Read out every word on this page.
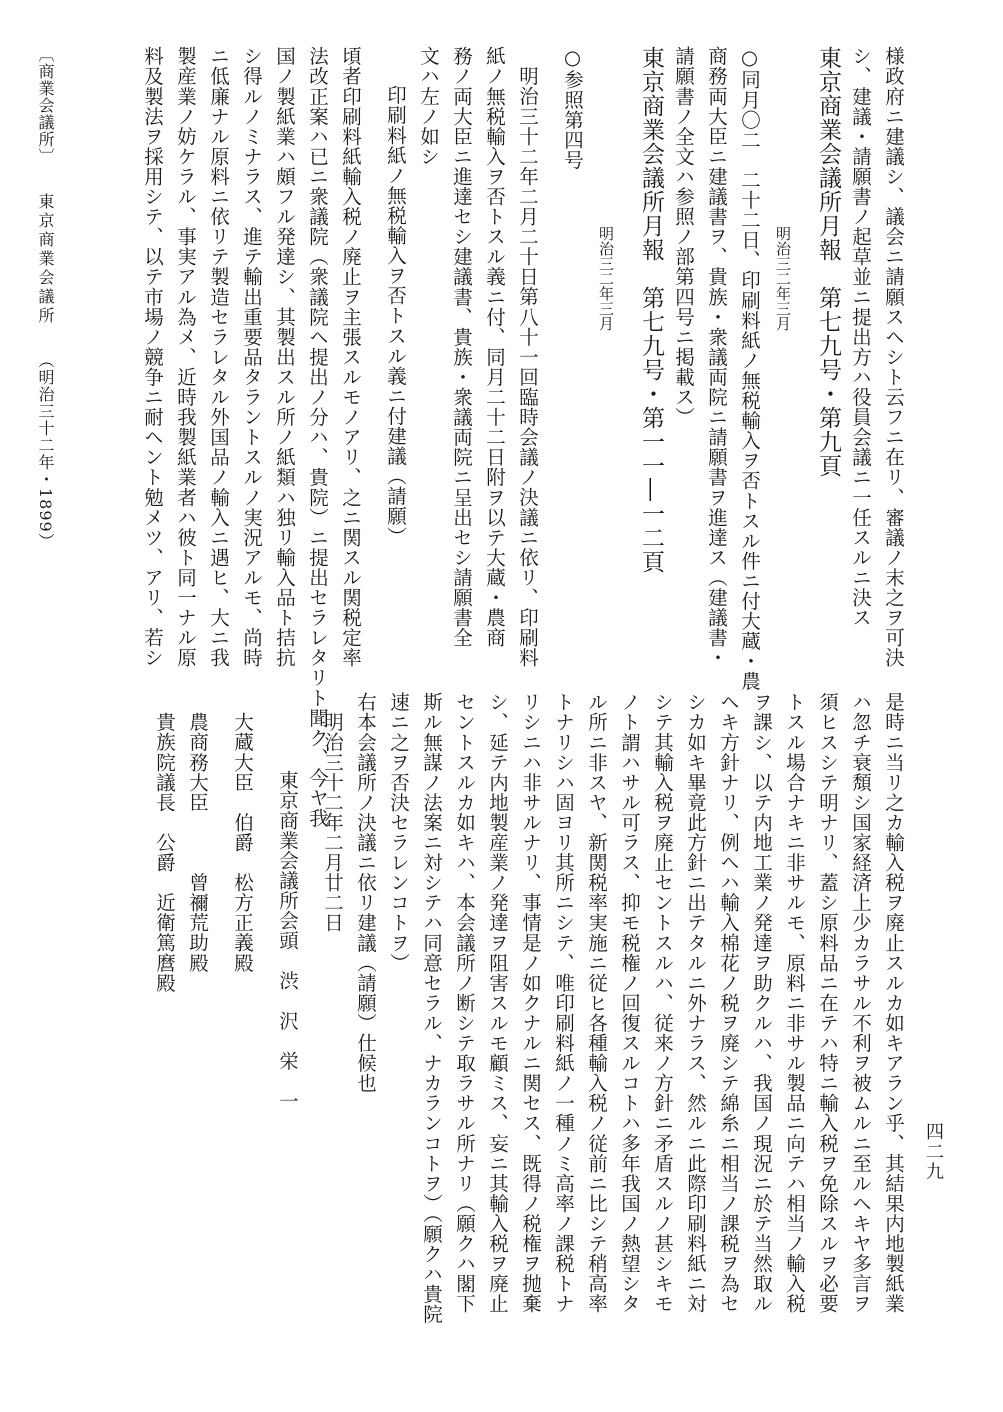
様政府ニ建議シ、議会ニ請願スヘシト云フニ在リ、審議ノ末之ヲ可決
シ、建議・請願書ノ起草並ニ提出方ハ役員会議ニ一任スルニ決ス
東京商業会議所月報　第七九号・第九頁
明治三二年三月
○同月〇二　二十二日、印刷料紙ノ無税輸入ヲ否トスル件ニ付大蔵・農
商務両大臣ニ建議書ヲ、貴族・衆議両院ニ請願書ヲ進達ス（建議書・
請願書ノ全文ハ参照ノ部第四号ニ掲載ス）
東京商業会議所月報　第七九号・第一一―一二頁
明治三二年三月
○参照第四号
明治三十二年二月二十日第八十一回臨時会議ノ決議ニ依リ、印刷料
紙ノ無税輸入ヲ否トスル義ニ付、同月二十二日附ヲ以テ大蔵・農商
務ノ両大臣ニ進達セシ建議書、貴族・衆議両院ニ呈出セシ請願書全
文ハ左ノ如シ
印刷料紙ノ無税輸入ヲ否トスル義ニ付建議（請願）
頃者印刷料紙輸入税ノ廃止ヲ主張スルモノアリ、之ニ関スル関税定率
法改正案ハ已ニ衆議院（衆議院ヘ提出ノ分ハ、貴院）ニ提出セラレタリト聞ク、今ヤ我
国ノ製紙業ハ頗フル発達シ、其製出スル所ノ紙類ハ独リ輸入品ト拮抗
シ得ルノミナラス、進テ輸出重要品タラントスルノ実況アルモ、尚時
ニ低廉ナル原料ニ依リテ製造セラレタル外国品ノ輸入ニ遇ヒ、大ニ我
製産業ノ妨ケラル、事実アル為メ、近時我製紙業者ハ彼ト同一ナル原
料及製法ヲ採用シテ、以テ市場ノ競争ニ耐ヘント勉メツ、アリ、若シ
是時ニ当リ之カ輸入税ヲ廃止スルカ如キアラン乎、其結果内地製紙業
ハ忽チ衰頽シ国家経済上少カラサル不利ヲ被ムルニ至ルヘキヤ多言ヲ
須ヒスシテ明ナリ、蓋シ原料品ニ在テハ特ニ輸入税ヲ免除スルヲ必要
トスル場合ナキニ非サルモ、原料ニ非サル製品ニ向テハ相当ノ輸入税
ヲ課シ、以テ内地工業ノ発達ヲ助クルハ、我国ノ現況ニ於テ当然取ル
ヘキ方針ナリ、例ヘハ輸入棉花ノ税ヲ廃シテ綿糸ニ相当ノ課税ヲ為セ
シカ如キ畢竟此方針ニ出テタルニ外ナラス、然ルニ此際印刷料紙ニ対
シテ其輸入税ヲ廃止セントスルハ、従来ノ方針ニ矛盾スルノ甚シキモ
ノト謂ハサル可ラス、抑モ税権ノ回復スルコトハ多年我国ノ熱望シタ
ル所ニ非スヤ、新関税率実施ニ従ヒ各種輸入税ノ従前ニ比シテ稍高率
トナリシハ固ヨリ其所ニシテ、唯印刷料紙ノ一種ノミ高率ノ課税トナ
リシニハ非サルナリ、事情是ノ如クナルニ関セス、既得ノ税権ヲ抛棄
シ、延テ内地製産業ノ発達ヲ阻害スルモ顧ミス、妄ニ其輸入税ヲ廃止
セントスルカ如キハ、本会議所ノ断シテ取ラサル所ナリ（願クハ閣下
斯ル無謀ノ法案ニ対シテハ同意セラル、ナカランコトヲ）（願クハ貴院
速ニ之ヲ否決セラレンコトヲ）
右本会議所ノ決議ニ依リ建議（請願）仕候也
明治三十二年二月廿二日
東京商業会議所会頭　渋　沢　栄　一
大蔵大臣　伯爵　松方正義殿
農商務大臣　　　曾禰荒助殿
貴族院議長　公爵　近衛篤麿殿
〔商業会議所〕 東京商業会議所 （明治三十二年・1899）
四二九
